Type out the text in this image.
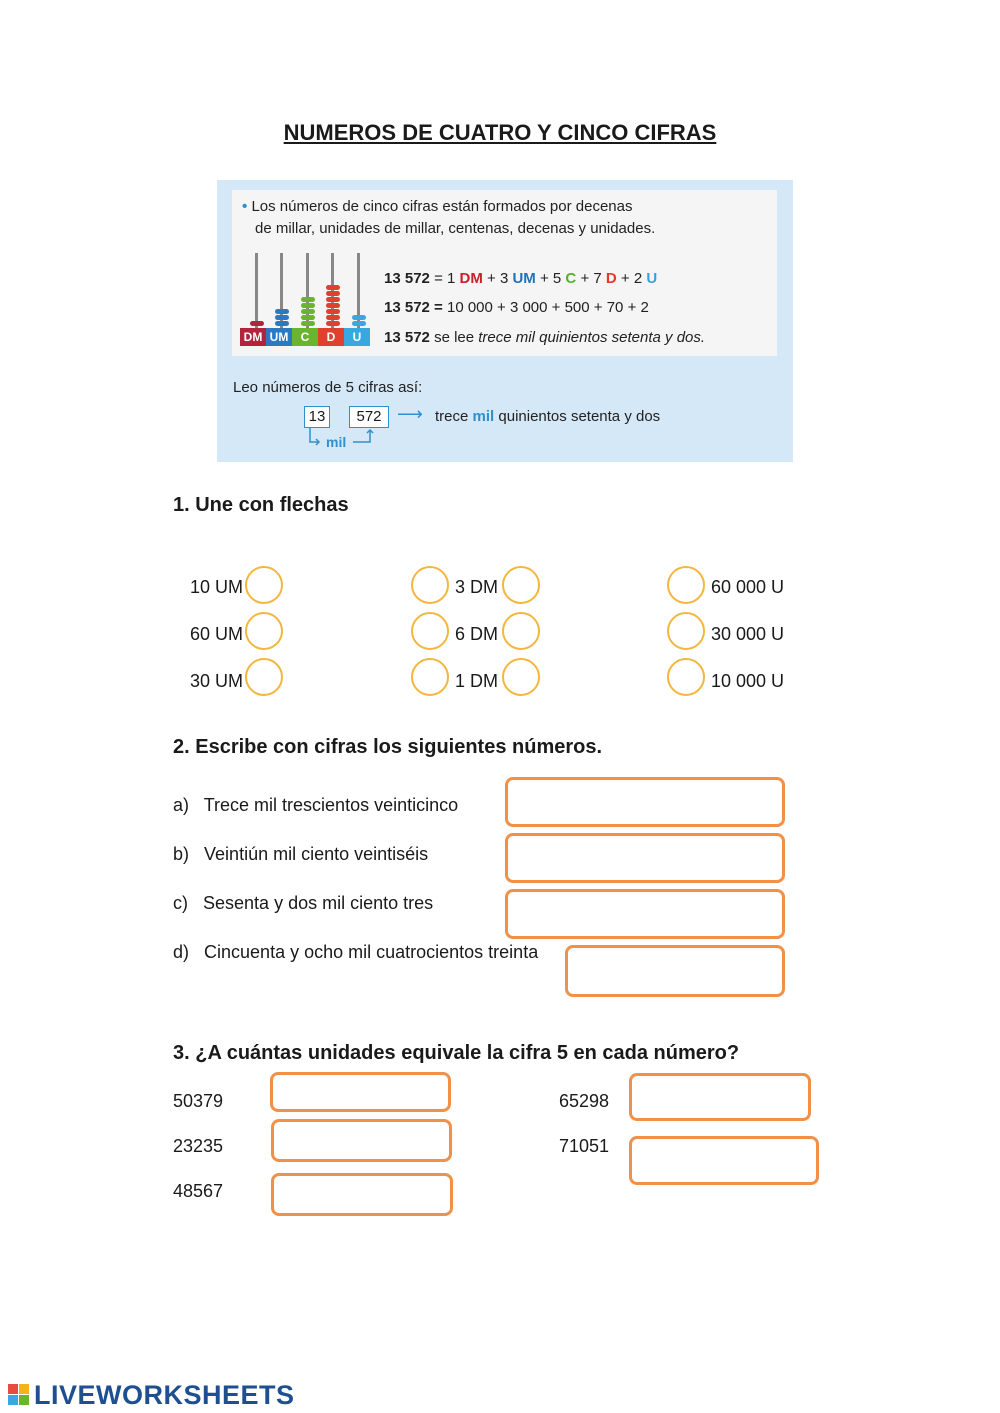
NUMEROS DE CUATRO Y CINCO CIFRAS
• Los números de cinco cifras están formados por decenas
de millar, unidades de millar, centenas, decenas y unidades.
DM UM	C	D	U
13 572 = 1 DM + 3 UM + 5 C + 7 D + 2 U
13 572 = 10 000 + 3 000 + 500 + 70 + 2
13 572 se lee trece mil quinientos setenta y dos.
Leo números de 5 cifras así:
13	572 ⟶ trece mil quinientos setenta y dos
mil
1. Une con flechas
10 UM
60 UM
30 UM
3 DM
6 DM
1 DM
60 000 U
30 000 U
10 000 U
2. Escribe con cifras los siguientes números.
a) Trece mil trescientos veinticinco
b) Veintiún mil ciento veintiséis
c) Sesenta y dos mil ciento tres
d) Cincuenta y ocho mil cuatrocientos treinta
3. ¿A cuántas unidades equivale la cifra 5 en cada número?
50379
23235
48567
65298
71051
LIVEWORKSHEETS
